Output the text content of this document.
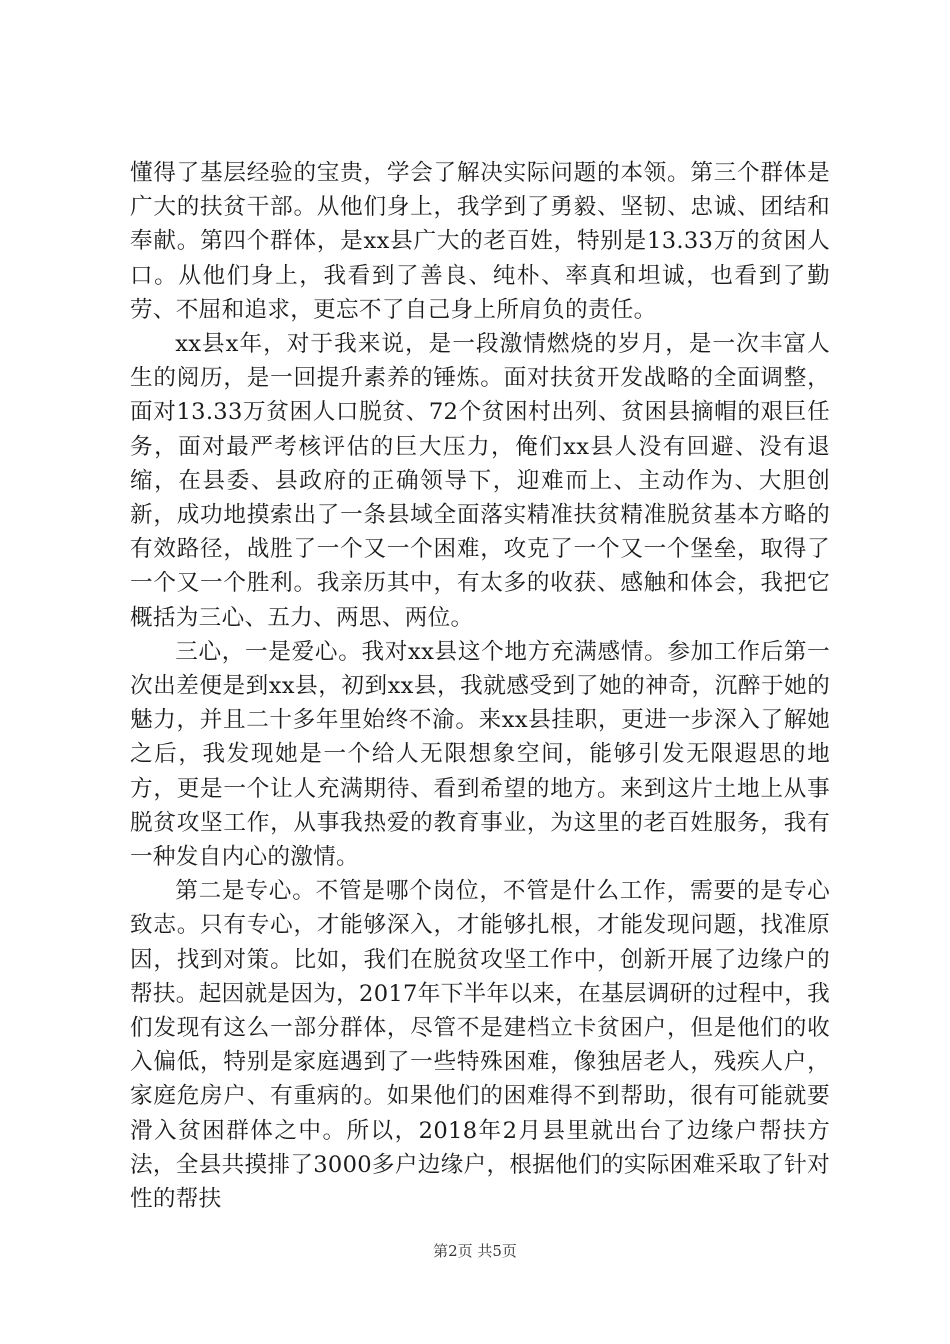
懂得了基层经验的宝贵，学会了解决实际问题的本领。第三个群体是广大的扶贫干部。从他们身上，我学到了勇毅、坚韧、忠诚、团结和奉献。第四个群体，是xx县广大的老百姓，特别是13.33万的贫困人口。从他们身上，我看到了善良、纯朴、率真和坦诚，也看到了勤劳、不屈和追求，更忘不了自己身上所肩负的责任。

xx县x年，对于我来说，是一段激情燃烧的岁月，是一次丰富人生的阅历，是一回提升素养的锤炼。面对扶贫开发战略的全面调整，面对13.33万贫困人口脱贫、72个贫困村出列、贫困县摘帽的艰巨任务，面对最严考核评估的巨大压力，俺们xx县人没有回避、没有退缩，在县委、县政府的正确领导下，迎难而上、主动作为、大胆创新，成功地摸索出了一条县域全面落实精准扶贫精准脱贫基本方略的有效路径，战胜了一个又一个困难，攻克了一个又一个堡垒，取得了一个又一个胜利。我亲历其中，有太多的收获、感触和体会，我把它概括为三心、五力、两思、两位。

三心，一是爱心。我对xx县这个地方充满感情。参加工作后第一次出差便是到xx县，初到xx县，我就感受到了她的神奇，沉醉于她的魅力，并且二十多年里始终不渝。来xx县挂职，更进一步深入了解她之后，我发现她是一个给人无限想象空间，能够引发无限遐思的地方，更是一个让人充满期待、看到希望的地方。来到这片土地上从事脱贫攻坚工作，从事我热爱的教育事业，为这里的老百姓服务，我有一种发自内心的激情。

第二是专心。不管是哪个岗位，不管是什么工作，需要的是专心致志。只有专心，才能够深入，才能够扎根，才能发现问题，找准原因，找到对策。比如，我们在脱贫攻坚工作中，创新开展了边缘户的帮扶。起因就是因为，2017年下半年以来，在基层调研的过程中，我们发现有这么一部分群体，尽管不是建档立卡贫困户，但是他们的收入偏低，特别是家庭遇到了一些特殊困难，像独居老人，残疾人户，家庭危房户、有重病的。如果他们的困难得不到帮助，很有可能就要滑入贫困群体之中。所以，2018年2月县里就出台了边缘户帮扶方法，全县共摸排了3000多户边缘户，根据他们的实际困难采取了针对性的帮扶

第2页 共5页
